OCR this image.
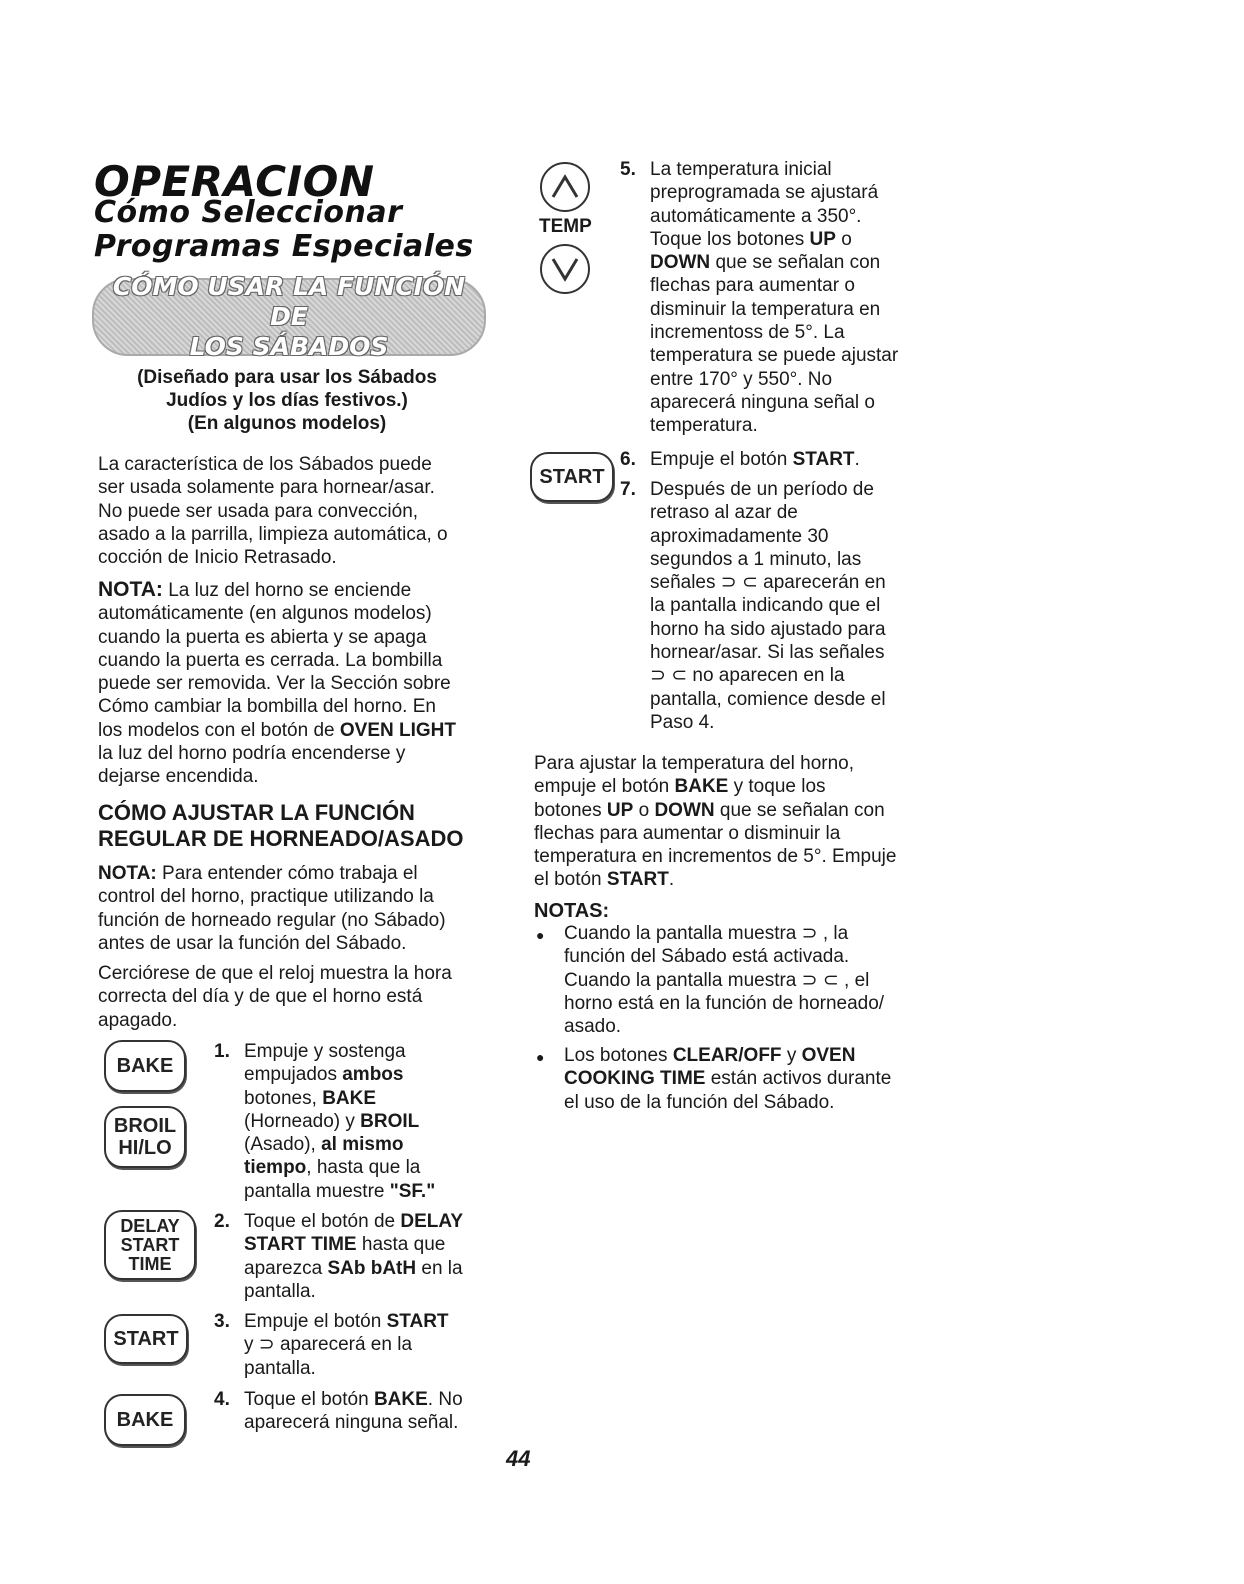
OPERACION
Cómo Seleccionar
Programas Especiales
CÓMO USAR LA FUNCIÓN DE
LOS SÁBADOS
(Diseñado para usar los Sábados
Judíos y los días festivos.)
(En algunos modelos)
La característica de los Sábados puede
ser usada solamente para hornear/asar.
No puede ser usada para convección,
asado a la parrilla, limpieza automática, o
cocción de Inicio Retrasado.
NOTA: La luz del horno se enciende
automáticamente (en algunos modelos)
cuando la puerta es abierta y se apaga
cuando la puerta es cerrada. La bombilla
puede ser removida. Ver la Sección sobre
Cómo cambiar la bombilla del horno. En
los modelos con el botón de OVEN LIGHT
la luz del horno podría encenderse y
dejarse encendida.
CÓMO AJUSTAR LA FUNCIÓN
REGULAR DE HORNEADO/ASADO
NOTA: Para entender cómo trabaja el
control del horno, practique utilizando la
función de horneado regular (no Sábado)
antes de usar la función del Sábado.
Cerciórese de que el reloj muestra la hora
correcta del día y de que el horno está
apagado.
BAKE
BROIL
HI/LO
DELAY
START
TIME
START
BAKE
1. Empuje y sostenga
empujados ambos
botones, BAKE
(Horneado) y BROIL
(Asado), al mismo
tiempo, hasta que la
pantalla muestre "SF."
2. Toque el botón de DELAY
START TIME hasta que
aparezca SAb bAtH en la
pantalla.
3. Empuje el botón START
y ⊃ aparecerá en la
pantalla.
4. Toque el botón BAKE. No
aparecerá ninguna señal.
TEMP
START
5. La temperatura inicial
preprogramada se ajustará
automáticamente a 350°.
Toque los botones UP o
DOWN que se señalan con
flechas para aumentar o
disminuir la temperatura en
incrementoss de 5°. La
temperatura se puede ajustar
entre 170° y 550°. No
aparecerá ninguna señal o
temperatura.
6. Empuje el botón START.
7. Después de un período de
retraso al azar de
aproximadamente 30
segundos a 1 minuto, las
señales ⊃ ⊂ aparecerán en
la pantalla indicando que el
horno ha sido ajustado para
hornear/asar. Si las señales
⊃ ⊂ no aparecen en la
pantalla, comience desde el
Paso 4.
Para ajustar la temperatura del horno,
empuje el botón BAKE y toque los
botones UP o DOWN que se señalan con
flechas para aumentar o disminuir la
temperatura en incrementos de 5°. Empuje
el botón START.
NOTAS:
● Cuando la pantalla muestra ⊃ , la
función del Sábado está activada.
Cuando la pantalla muestra ⊃ ⊂ , el
horno está en la función de horneado/
asado.
● Los botones CLEAR/OFF y OVEN
COOKING TIME están activos durante
el uso de la función del Sábado.
44
